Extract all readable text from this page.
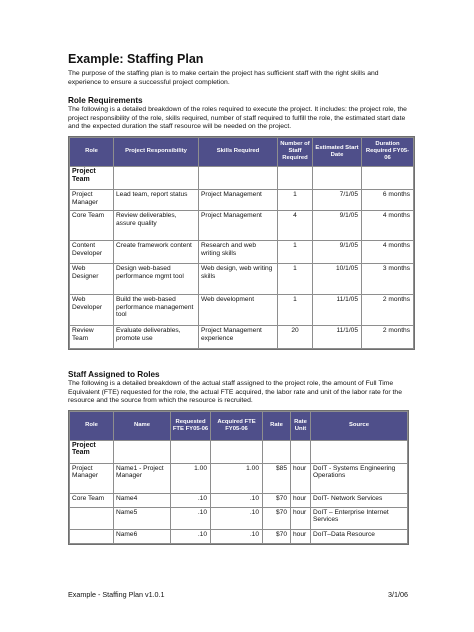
Example: Staffing Plan

The purpose of the staffing plan is to make certain the project has sufficient staff with the right skills and experience to ensure a successful project completion.

Role Requirements

The following is a detailed breakdown of the roles required to execute the project. It includes: the project role, the project responsibility of the role, skills required, number of staff required to fulfill the role, the estimated start date and the expected duration the staff resource will be needed on the project.

Role	Project Responsibility	Skills Required	Number of Staff Required	Estimated Start Date	Duration Required FY05-06
Project Team					
Project Manager	Lead team, report status	Project Management	1	7/1/05	6 months
Core Team	Review deliverables, assure quality	Project Management	4	9/1/05	4 months
Content Developer	Create framework content	Research and web writing skills	1	9/1/05	4 months
Web Designer	Design web-based performance mgmt tool	Web design, web writing skills	1	10/1/05	3 months
Web Developer	Build the web-based performance management tool	Web development	1	11/1/05	2 months
Review Team	Evaluate deliverables, promote use	Project Management experience	20	11/1/05	2 months
Staff Assigned to Roles

The following is a detailed breakdown of the actual staff assigned to the project role, the amount of Full Time Equivalent (FTE) requested for the role, the actual FTE acquired, the labor rate and unit of the labor rate for the resource and the source from which the resource is recruited.

Role	Name	Requested FTE FY05-06	Acquired FTE FY05-06	Rate	Rate Unit	Source
Project Team						
Project Manager	Name1 - Project Manager	1.00	1.00	$85	hour	DoIT - Systems Engineering Operations
Core Team	Name4	.10	.10	$70	hour	DoIT- Network Services
	Name5	.10	.10	$70	hour	DoIT – Enterprise Internet Services
	Name6	.10	.10	$70	hour	DoIT–Data Resource
Example - Staffing Plan v1.0.1	3/1/06
